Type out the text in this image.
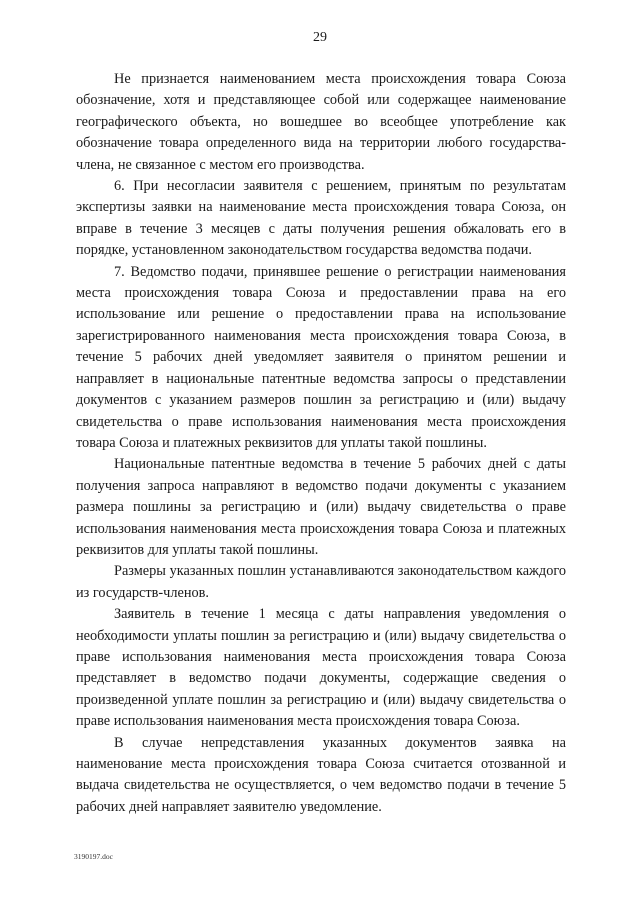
29

Не признается наименованием места происхождения товара Союза обозначение, хотя и представляющее собой или содержащее наименование географического объекта, но вошедшее во всеобщее употребление как обозначение товара определенного вида на территории любого государства-члена, не связанное с местом его производства.

6. При несогласии заявителя с решением, принятым по результатам экспертизы заявки на наименование места происхождения товара Союза, он вправе в течение 3 месяцев с даты получения решения обжаловать его в порядке, установленном законодательством государства ведомства подачи.

7. Ведомство подачи, принявшее решение о регистрации наименования места происхождения товара Союза и предоставлении права на его использование или решение о предоставлении права на использование зарегистрированного наименования места происхождения товара Союза, в течение 5 рабочих дней уведомляет заявителя о принятом решении и направляет в национальные патентные ведомства запросы о представлении документов с указанием размеров пошлин за регистрацию и (или) выдачу свидетельства о праве использования наименования места происхождения товара Союза и платежных реквизитов для уплаты такой пошлины.

Национальные патентные ведомства в течение 5 рабочих дней с даты получения запроса направляют в ведомство подачи документы с указанием размера пошлины за регистрацию и (или) выдачу свидетельства о праве использования наименования места происхождения товара Союза и платежных реквизитов для уплаты такой пошлины.

Размеры указанных пошлин устанавливаются законодательством каждого из государств-членов.

Заявитель в течение 1 месяца с даты направления уведомления о необходимости уплаты пошлин за регистрацию и (или) выдачу свидетельства о праве использования наименования места происхождения товара Союза представляет в ведомство подачи документы, содержащие сведения о произведенной уплате пошлин за регистрацию и (или) выдачу свидетельства о праве использования наименования места происхождения товара Союза.

В случае непредставления указанных документов заявка на наименование места происхождения товара Союза считается отозванной и выдача свидетельства не осуществляется, о чем ведомство подачи в течение 5 рабочих дней направляет заявителю уведомление.

3190197.doc
